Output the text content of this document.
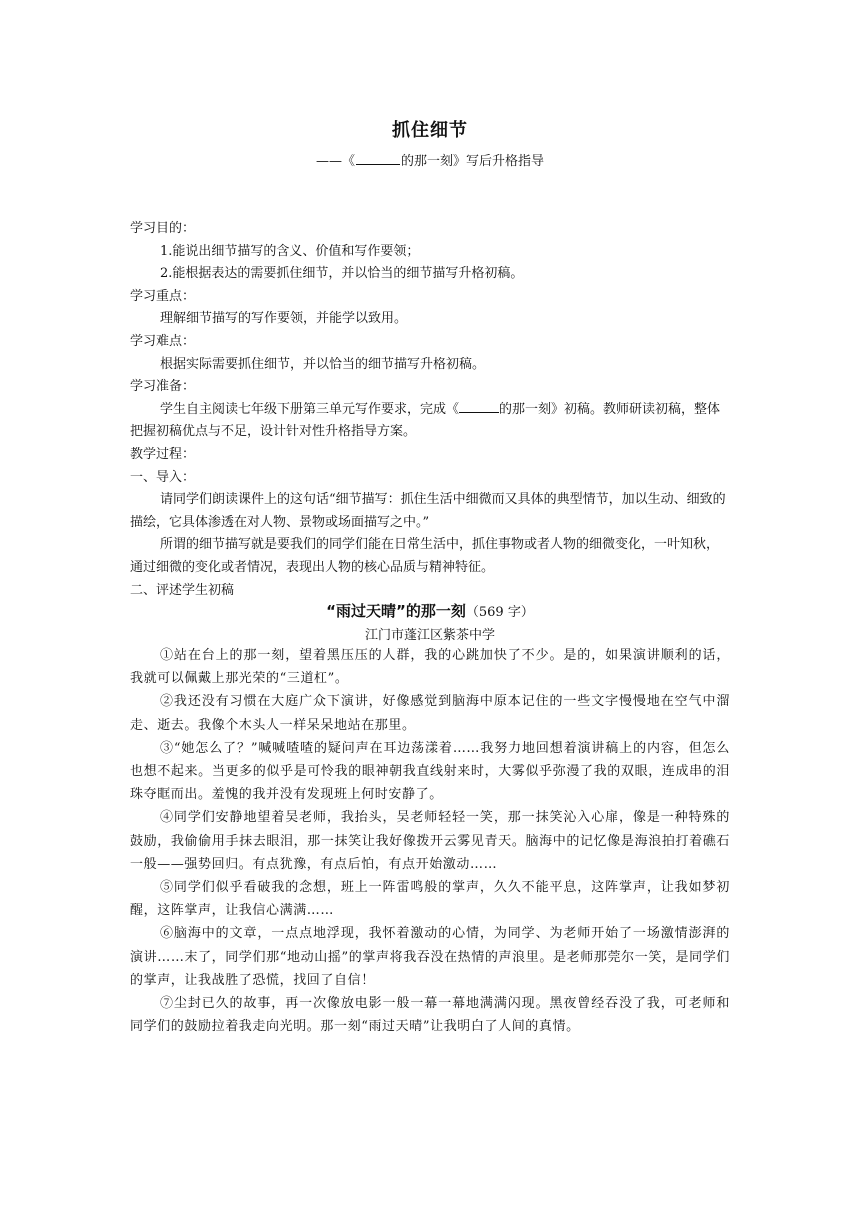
抓住细节
——《	的那一刻》写后升格指导
学习目的：
1.能说出细节描写的含义、价值和写作要领；
2.能根据表达的需要抓住细节，并以恰当的细节描写升格初稿。
学习重点：
理解细节描写的写作要领，并能学以致用。
学习难点：
根据实际需要抓住细节，并以恰当的细节描写升格初稿。
学习准备：
学生自主阅读七年级下册第三单元写作要求，完成《	的那一刻》初稿。教师研读初稿，整体把握初稿优点与不足，设计针对性升格指导方案。
教学过程：
一、导入：
请同学们朗读课件上的这句话“细节描写：抓住生活中细微而又具体的典型情节，加以生动、细致的描绘，它具体渗透在对人物、景物或场面描写之中。”
所谓的细节描写就是要我们的同学们能在日常生活中，抓住事物或者人物的细微变化，一叶知秋，通过细微的变化或者情况，表现出人物的核心品质与精神特征。
二、评述学生初稿
“雨过天晴”的那一刻（569 字）
江门市蓬江区紫茶中学

①站在台上的那一刻，望着黑压压的人群，我的心跳加快了不少。是的，如果演讲顺利的话，我就可以佩戴上那光荣的“三道杠”。

②我还没有习惯在大庭广众下演讲，好像感觉到脑海中原本记住的一些文字慢慢地在空气中溜走、逝去。我像个木头人一样呆呆地站在那里。

③“她怎么了？”喊喊喳喳的疑问声在耳边荡漾着……我努力地回想着演讲稿上的内容，但怎么也想不起来。当更多的似乎是可怜我的眼神朝我直线射来时，大雾似乎弥漫了我的双眼，连成串的泪珠夺眶而出。羞愧的我并没有发现班上何时安静了。

④同学们安静地望着吴老师，我抬头，吴老师轻轻一笑，那一抹笑沁入心扉，像是一种特殊的鼓励，我偷偷用手抹去眼泪，那一抹笑让我好像拨开云雾见青天。脑海中的记忆像是海浪拍打着礁石一般——强势回归。有点犹豫，有点后怕，有点开始激动……

⑤同学们似乎看破我的念想，班上一阵雷鸣般的掌声，久久不能平息，这阵掌声，让我如梦初醒，这阵掌声，让我信心满满……

⑥脑海中的文章，一点点地浮现，我怀着激动的心情，为同学、为老师开始了一场激情澎湃的演讲……末了，同学们那“地动山摇”的掌声将我吞没在热情的声浪里。是老师那莞尔一笑，是同学们的掌声，让我战胜了恐慌，找回了自信！

⑦尘封已久的故事，再一次像放电影一般一幕一幕地满满闪现。黑夜曾经吞没了我，可老师和同学们的鼓励拉着我走向光明。那一刻“雨过天晴”让我明白了人间的真情。
